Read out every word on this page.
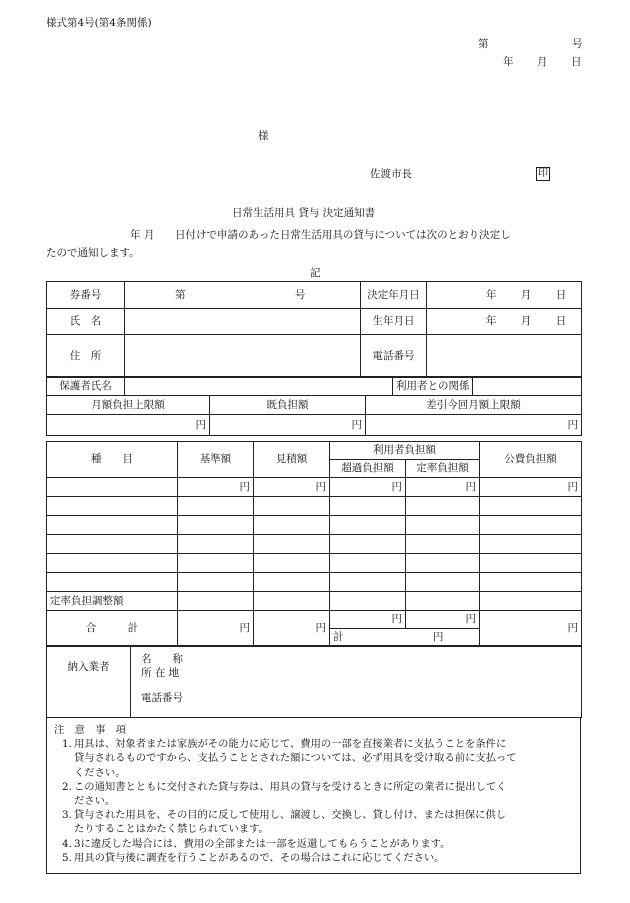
様式第4号(第4条関係)
第	号
年 月 日
様
佐渡市長	印
日常生活用具 貸与 決定通知書
年 月 日付けで申請のあった日常生活用具の貸与については次のとおり決定し
たので通知します。
記
券番号	第 号	決定年月日	年 月 日
氏　名		生年月日	年 月 日
住　所		電話番号	
保護者氏名		利用者との関係	
月額負担上限額	既負担額	差引今回月額上限額
円	円	円
種　　目	基準額	見積額	利用者負担額		公費負担額
			超過負担額	定率負担額	
	円	円	円	円	円

定率負担調整額					
合　　　計	円	円	円	円	円
			計 円		
納入業者	
名　　称
所 在 地
電話番号
注　意　事　項
1. 用具は、対象者または家族がその能力に応じて、費用の一部を直接業者に支払うことを条件に
貸与されるものですから、支払うこととされた額については、必ず用具を受け取る前に支払って
ください。
2. この通知書とともに交付された貸与券は、用具の貸与を受けるときに所定の業者に提出してく
ださい。
3. 貸与された用具を、その目的に反して使用し、譲渡し、交換し、貸し付け、または担保に供し
たりすることはかたく禁じられています。
4. 3に違反した場合には、費用の全部または一部を返還してもらうことがあります。
5. 用具の貸与後に調査を行うことがあるので、その場合はこれに応じてください。
